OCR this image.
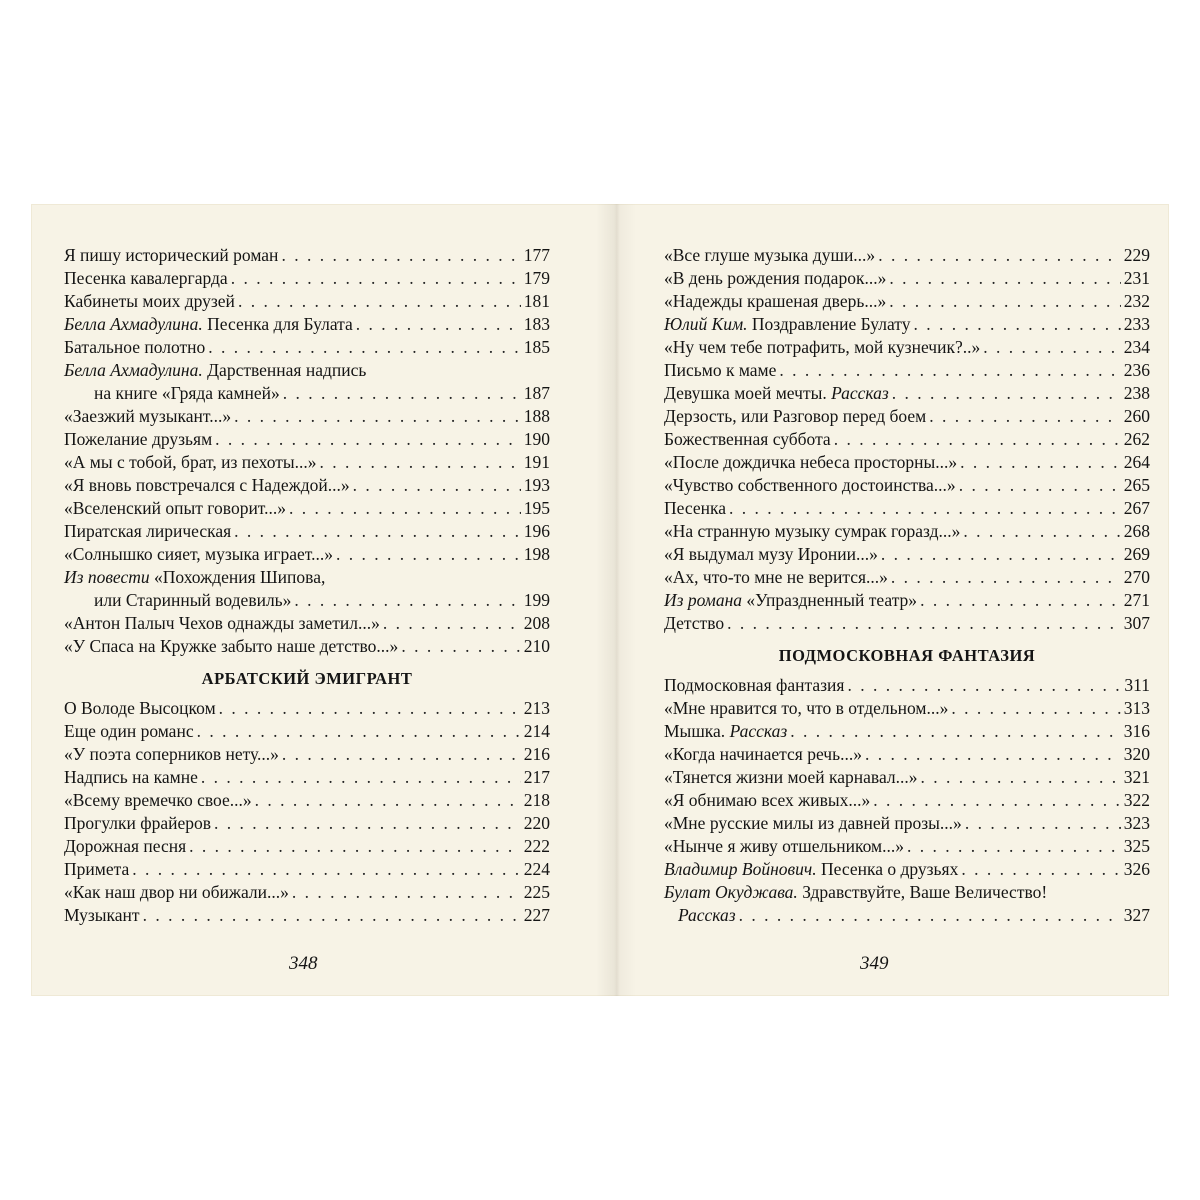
Я пишу исторический роман . . .	177
Песенка кавалергарда . . .	179
Кабинеты моих друзей . . .	181
Белла Ахмадулина. Песенка для Булата . . .	183
Батальное полотно . . .	185
Белла Ахмадулина. Дарственная надпись
на книге «Гряда камней» . . .	187
«Заезжий музыкант...» . . .	188
Пожелание друзьям . . .	190
«А мы с тобой, брат, из пехоты...» . . .	191
«Я вновь повстречался с Надеждой...» . . .	193
«Вселенский опыт говорит...» . . .	195
Пиратская лирическая . . .	196
«Солнышко сияет, музыка играет...» . . .	198
Из повести «Похождения Шипова,
или Старинный водевиль» . . .	199
«Антон Палыч Чехов однажды заметил...» . . .	208
«У Спаса на Кружке забыто наше детство...» . . .	210
АРБАТСКИЙ ЭМИГРАНТ
О Володе Высоцком . . .	213
Еще один романс . . .	214
«У поэта соперников нету...» . . .	216
Надпись на камне . . .	217
«Всему времечко свое...» . . .	218
Прогулки фрайеров . . .	220
Дорожная песня . . .	222
Примета . . .	224
«Как наш двор ни обижали...» . . .	225
Музыкант . . .	227
«Все глуше музыка души...» . . .	229
«В день рождения подарок...» . . .	231
«Надежды крашеная дверь...» . . .	232
Юлий Ким. Поздравление Булату . . .	233
«Ну чем тебе потрафить, мой кузнечик?..» . . .	234
Письмо к маме . . .	236
Девушка моей мечты. Рассказ . . .	238
Дерзость, или Разговор перед боем . . .	260
Божественная суббота . . .	262
«После дождичка небеса просторны...» . . .	264
«Чувство собственного достоинства...» . . .	265
Песенка . . .	267
«На странную музыку сумрак горазд...» . . .	268
«Я выдумал музу Иронии...» . . .	269
«Ах, что-то мне не верится...» . . .	270
Из романа «Упраздненный театр» . . .	271
Детство . . .	307
ПОДМОСКОВНАЯ ФАНТАЗИЯ
Подмосковная фантазия . . .	311
«Мне нравится то, что в отдельном...» . . .	313
Мышка. Рассказ . . .	316
«Когда начинается речь...» . . .	320
«Тянется жизни моей карнавал...» . . .	321
«Я обнимаю всех живых...» . . .	322
«Мне русские милы из давней прозы...» . . .	323
«Нынче я живу отшельником...» . . .	325
Владимир Войнович. Песенка о друзьях . . .	326
Булат Окуджава. Здравствуйте, Ваше Величество!
Рассказ . . .	327
348	349
